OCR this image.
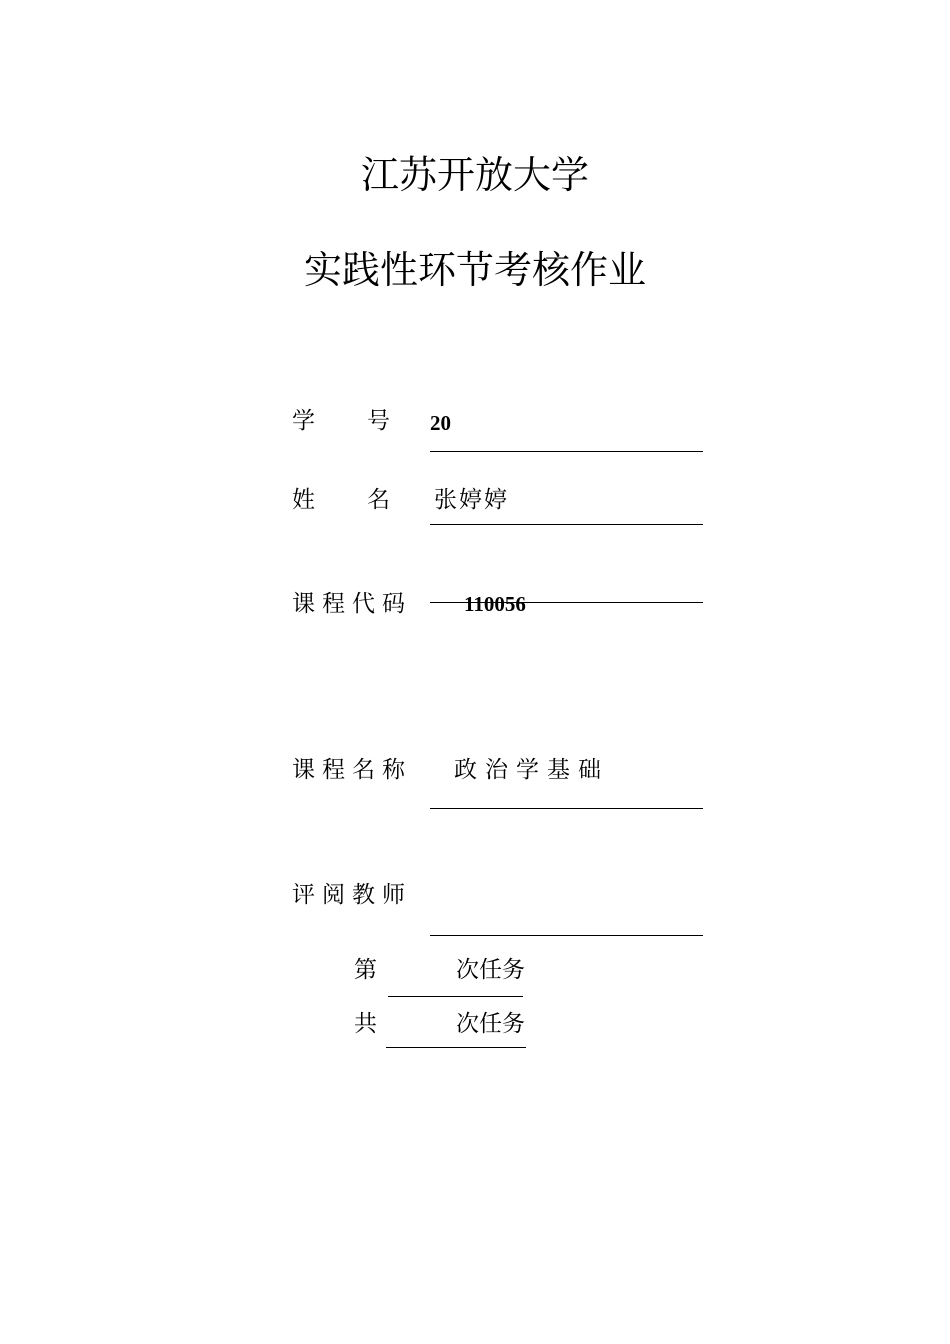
江苏开放大学
实践性环节考核作业
学　　号 20
姓　　名 张婷婷
课程代码 110056
课程名称 政治学基础
评阅教师
第	次任务
共	次任务
